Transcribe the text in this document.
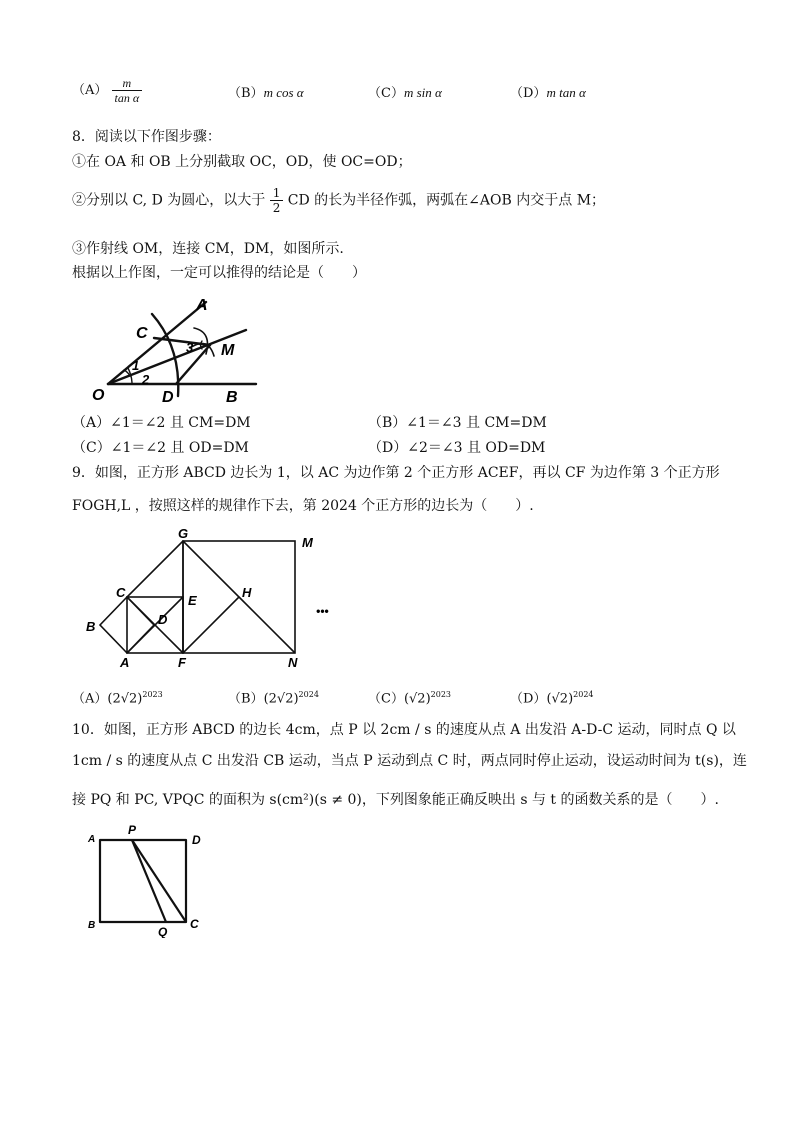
$(A) \frac{m}{\text{tan α}}$	（B）m cos α	（C）m sin α	（D）m tan α
8．阅读以下作图步骤：
①在 OA 和 OB 上分别截取 OC，OD，使 OC=OD；
②分别以 C, D 为圆心，以大于 $\frac{1}{2}$ CD 的长为半径作弧，两弧在∠AOB 内交于点 M；
③作射线 OM，连接 CM，DM，如图所示.
根据以上作图，一定可以推得的结论是（　　）
O
A
B
C
D
M
1
2
3
（A）∠1＝∠2 且 CM=DM	（B）∠1＝∠3 且 CM=DM
（C）∠1＝∠2 且 OD=DM	（D）∠2＝∠3 且 OD=DM
9．如图，正方形 ABCD 边长为 1，以 AC 为边作第 2 个正方形 ACEF，再以 CF 为边作第 3 个正方形
FOGH,L ，按照这样的规律作下去，第 2024 个正方形的边长为（　　）.
G
M
C
E
H
B	D
A	F	N
•••
$(A)(2√2)^{2023}$	$(B)(2√2)^{2024}$	$(C)(√2)^{2023}$	$(D)(√2)^{2024}$
10．如图，正方形 ABCD 的边长 4cm，点 P 以 2cm / s 的速度从点 A 出发沿 A-D-C 运动，同时点 Q 以
1cm / s 的速度从点 C 出发沿 CB 运动，当点 P 运动到点 C 时，两点同时停止运动，设运动时间为 t(s)，连
接 PQ 和 PC, VPQC 的面积为 s(cm²)(s ≠ 0)，下列图象能正确反映出 s 与 t 的函数关系的是（　　）.
A
P
D
B	Q
C
